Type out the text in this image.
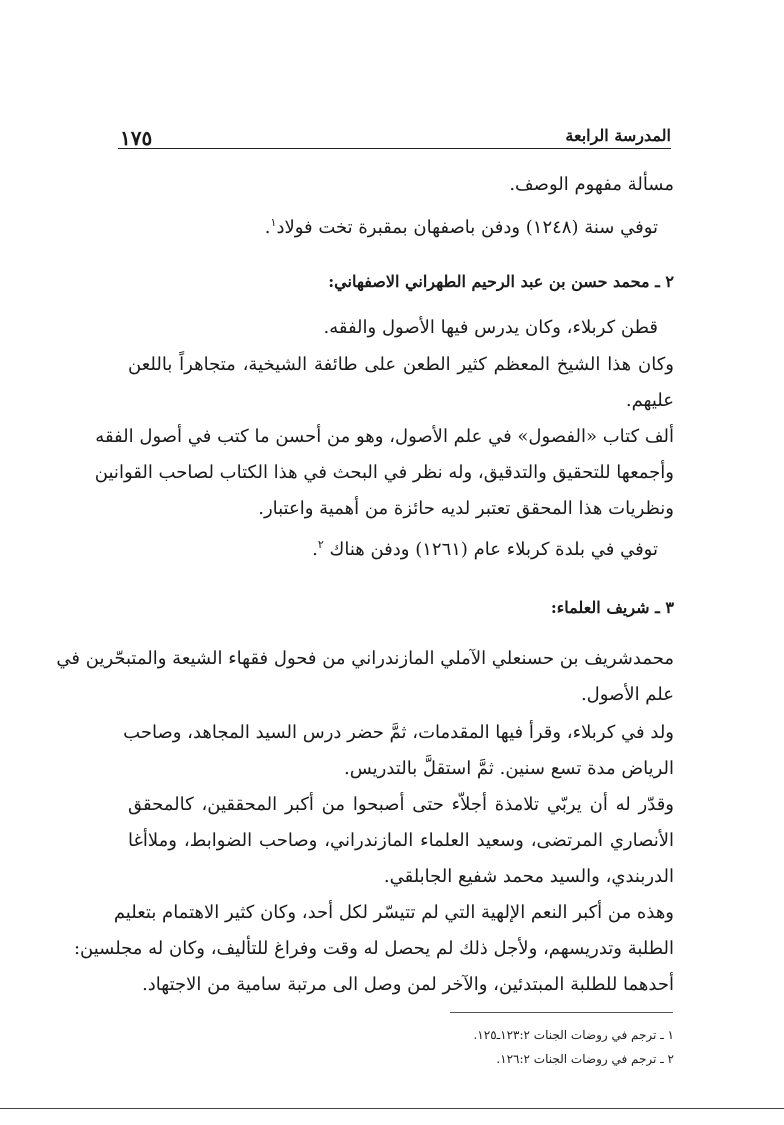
١٧٥	المدرسة الرابعة
مسألة مفهوم الوصف.
توفي سنة (١٢٤٨) ودفن باصفهان بمقبرة تخت فولاد$^١$.
٢ ـ محمد حسن بن عبد الرحيم الطهراني الاصفهاني:
قطن كربلاء، وكان يدرس فيها الأصول والفقه.
وكان هذا الشيخ المعظم كثير الطعن على طائفة الشيخية، متجاهراً باللعن
عليهم.
ألف كتاب «الفصول» في علم الأصول، وهو من أحسن ما كتب في أصول الفقه
وأجمعها للتحقيق والتدقيق، وله نظر في البحث في هذا الكتاب لصاحب القوانين
ونظريات هذا المحقق تعتبر لديه حائزة من أهمية واعتبار.
توفي في بلدة كربلاء عام (١٢٦١) ودفن هناك $^٢$.
٣ ـ شريف العلماء:
محمدشريف بن حسنعلي الآملي المازندراني من فحول فقهاء الشيعة والمتبحّرين في
علم الأصول.
ولد في كربلاء، وقرأ فيها المقدمات، ثمَّ حضر درس السيد المجاهد، وصاحب
الرياض مدة تسع سنين. ثمَّ استقلَّ بالتدريس.
وقدّر له أن يربّي تلامذة أجلاّء حتى أصبحوا من أكبر المحققين، كالمحقق
الأنصاري المرتضى، وسعيد العلماء المازندراني، وصاحب الضوابط، وملاأغا
الدربندي، والسيد محمد شفيع الجابلقي.
وهذه من أكبر النعم الإلهية التي لم تتيسّر لكل أحد، وكان كثير الاهتمام بتعليم
الطلبة وتدريسهم، ولأجل ذلك لم يحصل له وقت وفراغ للتأليف، وكان له مجلسين:
أحدهما للطلبة المبتدئين، والآخر لمن وصل الى مرتبة سامية من الاجتهاد.
١ ـ ترجم في روضات الجنات ١٢٣:٢ـ١٢٥.
٢ ـ ترجم في روضات الجنات ١٢٦:٢.
